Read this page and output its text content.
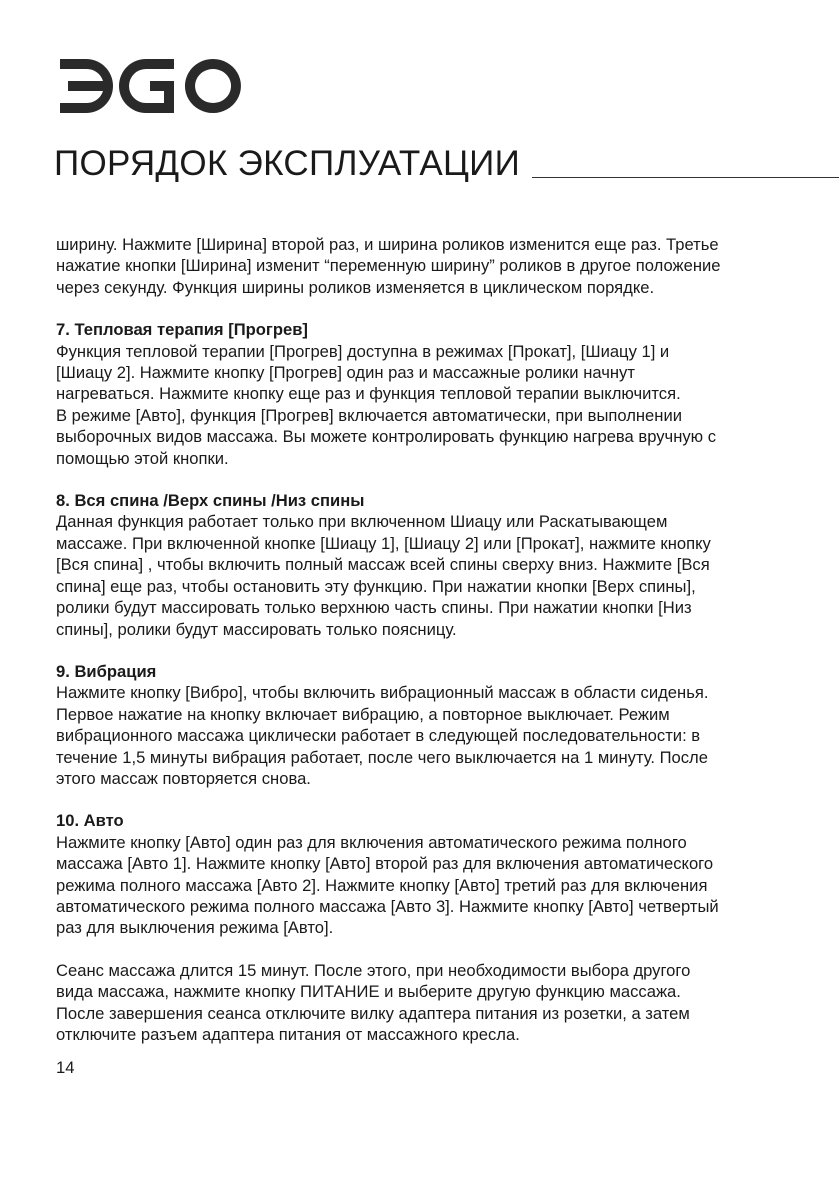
ПОРЯДОК ЭКСПЛУАТАЦИИ

ширину. Нажмите [Ширина] второй раз, и ширина роликов изменится еще раз. Третье

нажатие кнопки [Ширина] изменит “переменную ширину” роликов в другое положение

через секунду. Функция ширины роликов изменяется в циклическом порядке.

7. Тепловая терапия [Прогрев]

Функция тепловой терапии [Прогрев] доступна в режимах [Прокат], [Шиацу 1] и

[Шиацу 2]. Нажмите кнопку [Прогрев] один раз и массажные ролики начнут

нагреваться. Нажмите кнопку еще раз и функция тепловой терапии выключится.

В режиме [Авто], функция [Прогрев] включается автоматически, при выполнении

выборочных видов массажа. Вы можете контролировать функцию нагрева вручную с

помощью этой кнопки.

8. Вся спина /Верх спины /Низ спины

Данная функция работает только при включенном Шиацу или Раскатывающем

массаже. При включенной кнопке [Шиацу 1], [Шиацу 2] или [Прокат], нажмите кнопку

[Вся спина] , чтобы включить полный массаж всей спины сверху вниз. Нажмите [Вся

спина] еще раз, чтобы остановить эту функцию. При нажатии кнопки [Верх спины],

ролики будут массировать только верхнюю часть спины. При нажатии кнопки [Низ

спины], ролики будут массировать только поясницу.

9. Вибрация

Нажмите кнопку [Вибро], чтобы включить вибрационный массаж в области сиденья.

Первое нажатие на кнопку включает вибрацию, а повторное выключает. Режим

вибрационного массажа циклически работает в следующей последовательности: в

течение 1,5 минуты вибрация работает, после чего выключается на 1 минуту. После

этого массаж повторяется снова.

10. Авто

Нажмите кнопку [Авто] один раз для включения автоматического режима полного

массажа [Авто 1]. Нажмите кнопку [Авто] второй раз для включения автоматического

режима полного массажа [Авто 2]. Нажмите кнопку [Авто] третий раз для включения

автоматического режима полного массажа [Авто 3]. Нажмите кнопку [Авто] четвертый

раз для выключения режима [Авто].

Сеанс массажа длится 15 минут. После этого, при необходимости выбора другого

вида массажа, нажмите кнопку ПИТАНИЕ и выберите другую функцию массажа.

После завершения сеанса отключите вилку адаптера питания из розетки, а затем

отключите разъем адаптера питания от массажного кресла.

14
